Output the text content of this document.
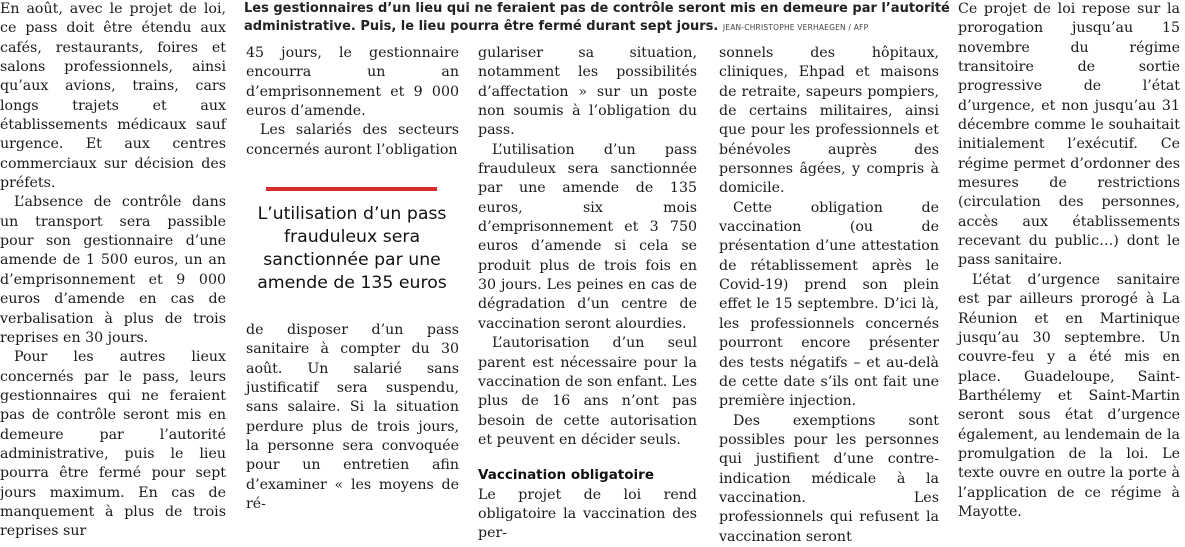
En août, avec le projet de loi, ce pass doit être étendu aux cafés, restaurants, foires et salons professionnels, ainsi qu’aux avions, trains, cars longs trajets et aux établissements médicaux sauf urgence. Et aux centres commerciaux sur décision des préfets.

L’absence de contrôle dans un transport sera passible pour son gestionnaire d’une amende de 1 500 euros, un an d’emprisonnement et 9 000 euros d’amende en cas de verbalisation à plus de trois reprises en 30 jours.

Pour les autres lieux concernés par le pass, leurs gestionnaires qui ne feraient pas de contrôle seront mis en demeure par l’autorité administrative, puis le lieu pourra être fermé pour sept jours maximum. En cas de manquement à plus de trois reprises sur

Les gestionnaires d’un lieu qui ne feraient pas de contrôle seront mis en demeure par l’autorité administrative. Puis, le lieu pourra être fermé durant sept jours. JEAN-CHRISTOPHE VERHAEGEN / AFP

45 jours, le gestionnaire encourra un an d’emprisonnement et 9 000 euros d’amende.

Les salariés des secteurs concernés auront l’obligation

L’utilisation d’un pass frauduleux sera sanctionnée par une amende de 135 euros

de disposer d’un pass sanitaire à compter du 30 août. Un salarié sans justificatif sera suspendu, sans salaire. Si la situation perdure plus de trois jours, la personne sera convoquée pour un entretien afin d’examiner « les moyens de ré-

gulariser sa situation, notamment les possibilités d’affectation » sur un poste non soumis à l’obligation du pass.

L’utilisation d’un pass frauduleux sera sanctionnée par une amende de 135 euros, six mois d’emprisonnement et 3 750 euros d’amende si cela se produit plus de trois fois en 30 jours. Les peines en cas de dégradation d’un centre de vaccination seront alourdies.

L’autorisation d’un seul parent est nécessaire pour la vaccination de son enfant. Les plus de 16 ans n’ont pas besoin de cette autorisation et peuvent en décider seuls.

Vaccination obligatoire

Le projet de loi rend obligatoire la vaccination des per-

sonnels des hôpitaux, cliniques, Ehpad et maisons de retraite, sapeurs pompiers, de certains militaires, ainsi que pour les professionnels et bénévoles auprès des personnes âgées, y compris à domicile.

Cette obligation de vaccination (ou de présentation d’une attestation de rétablissement après le Covid-19) prend son plein effet le 15 septembre. D’ici là, les professionnels concernés pourront encore présenter des tests négatifs – et au-delà de cette date s’ils ont fait une première injection.

Des exemptions sont possibles pour les personnes qui justifient d’une contre-indication médicale à la vaccination. Les professionnels qui refusent la vaccination seront

Ce projet de loi repose sur la prorogation jusqu’au 15 novembre du régime transitoire de sortie progressive de l’état d’urgence, et non jusqu’au 31 décembre comme le souhaitait initialement l’exécutif. Ce régime permet d’ordonner des mesures de restrictions (circulation des personnes, accès aux établissements recevant du public…) dont le pass sanitaire.

L’état d’urgence sanitaire est par ailleurs prorogé à La Réunion et en Martinique jusqu’au 30 septembre. Un couvre-feu y a été mis en place. Guadeloupe, Saint-Barthélemy et Saint-Martin seront sous état d’urgence également, au lendemain de la promulgation de la loi. Le texte ouvre en outre la porte à l’application de ce régime à Mayotte.
